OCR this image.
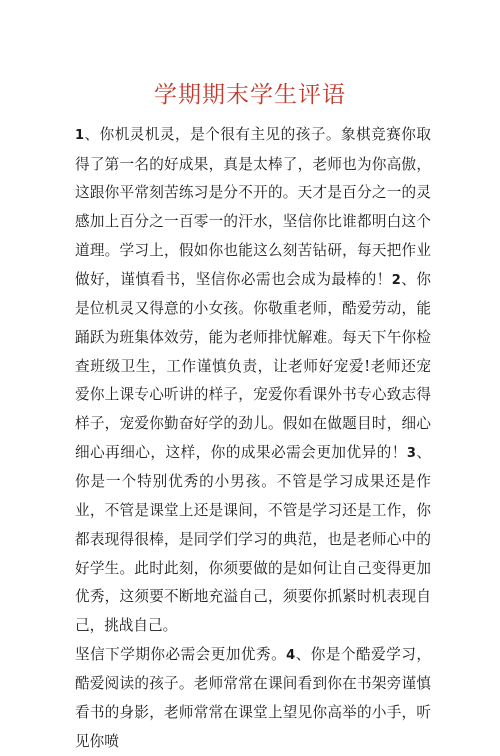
学期期末学生评语

1、你机灵机灵，是个很有主见的孩子。象棋竞赛你取得了第一名的好成果，真是太棒了，老师也为你高傲，这跟你平常刻苦练习是分不开的。天才是百分之一的灵感加上百分之一百零一的汗水，坚信你比谁都明白这个道理。学习上，假如你也能这么刻苦钻研，每天把作业做好，谨慎看书，坚信你必需也会成为最棒的！2、你是位机灵又得意的小女孩。你敬重老师，酷爱劳动，能踊跃为班集体效劳，能为老师排忧解难。每天下午你检查班级卫生，工作谨慎负责，让老师好宠爱!老师还宠爱你上课专心听讲的样子，宠爱你看课外书专心致志得样子，宠爱你勤奋好学的劲儿。假如在做题目时，细心细心再细心，这样，你的成果必需会更加优异的！3、你是一个特别优秀的小男孩。不管是学习成果还是作业，不管是课堂上还是课间，不管是学习还是工作，你都表现得很棒，是同学们学习的典范，也是老师心中的好学生。此时此刻，你须要做的是如何让自己变得更加优秀，这须要不断地充溢自己，须要你抓紧时机表现自己，挑战自己。

坚信下学期你必需会更加优秀。4、你是个酷爱学习，酷爱阅读的孩子。老师常常在课间看到你在书架旁谨慎看书的身影，老师常常在课堂上望见你高举的小手，听见你喷
